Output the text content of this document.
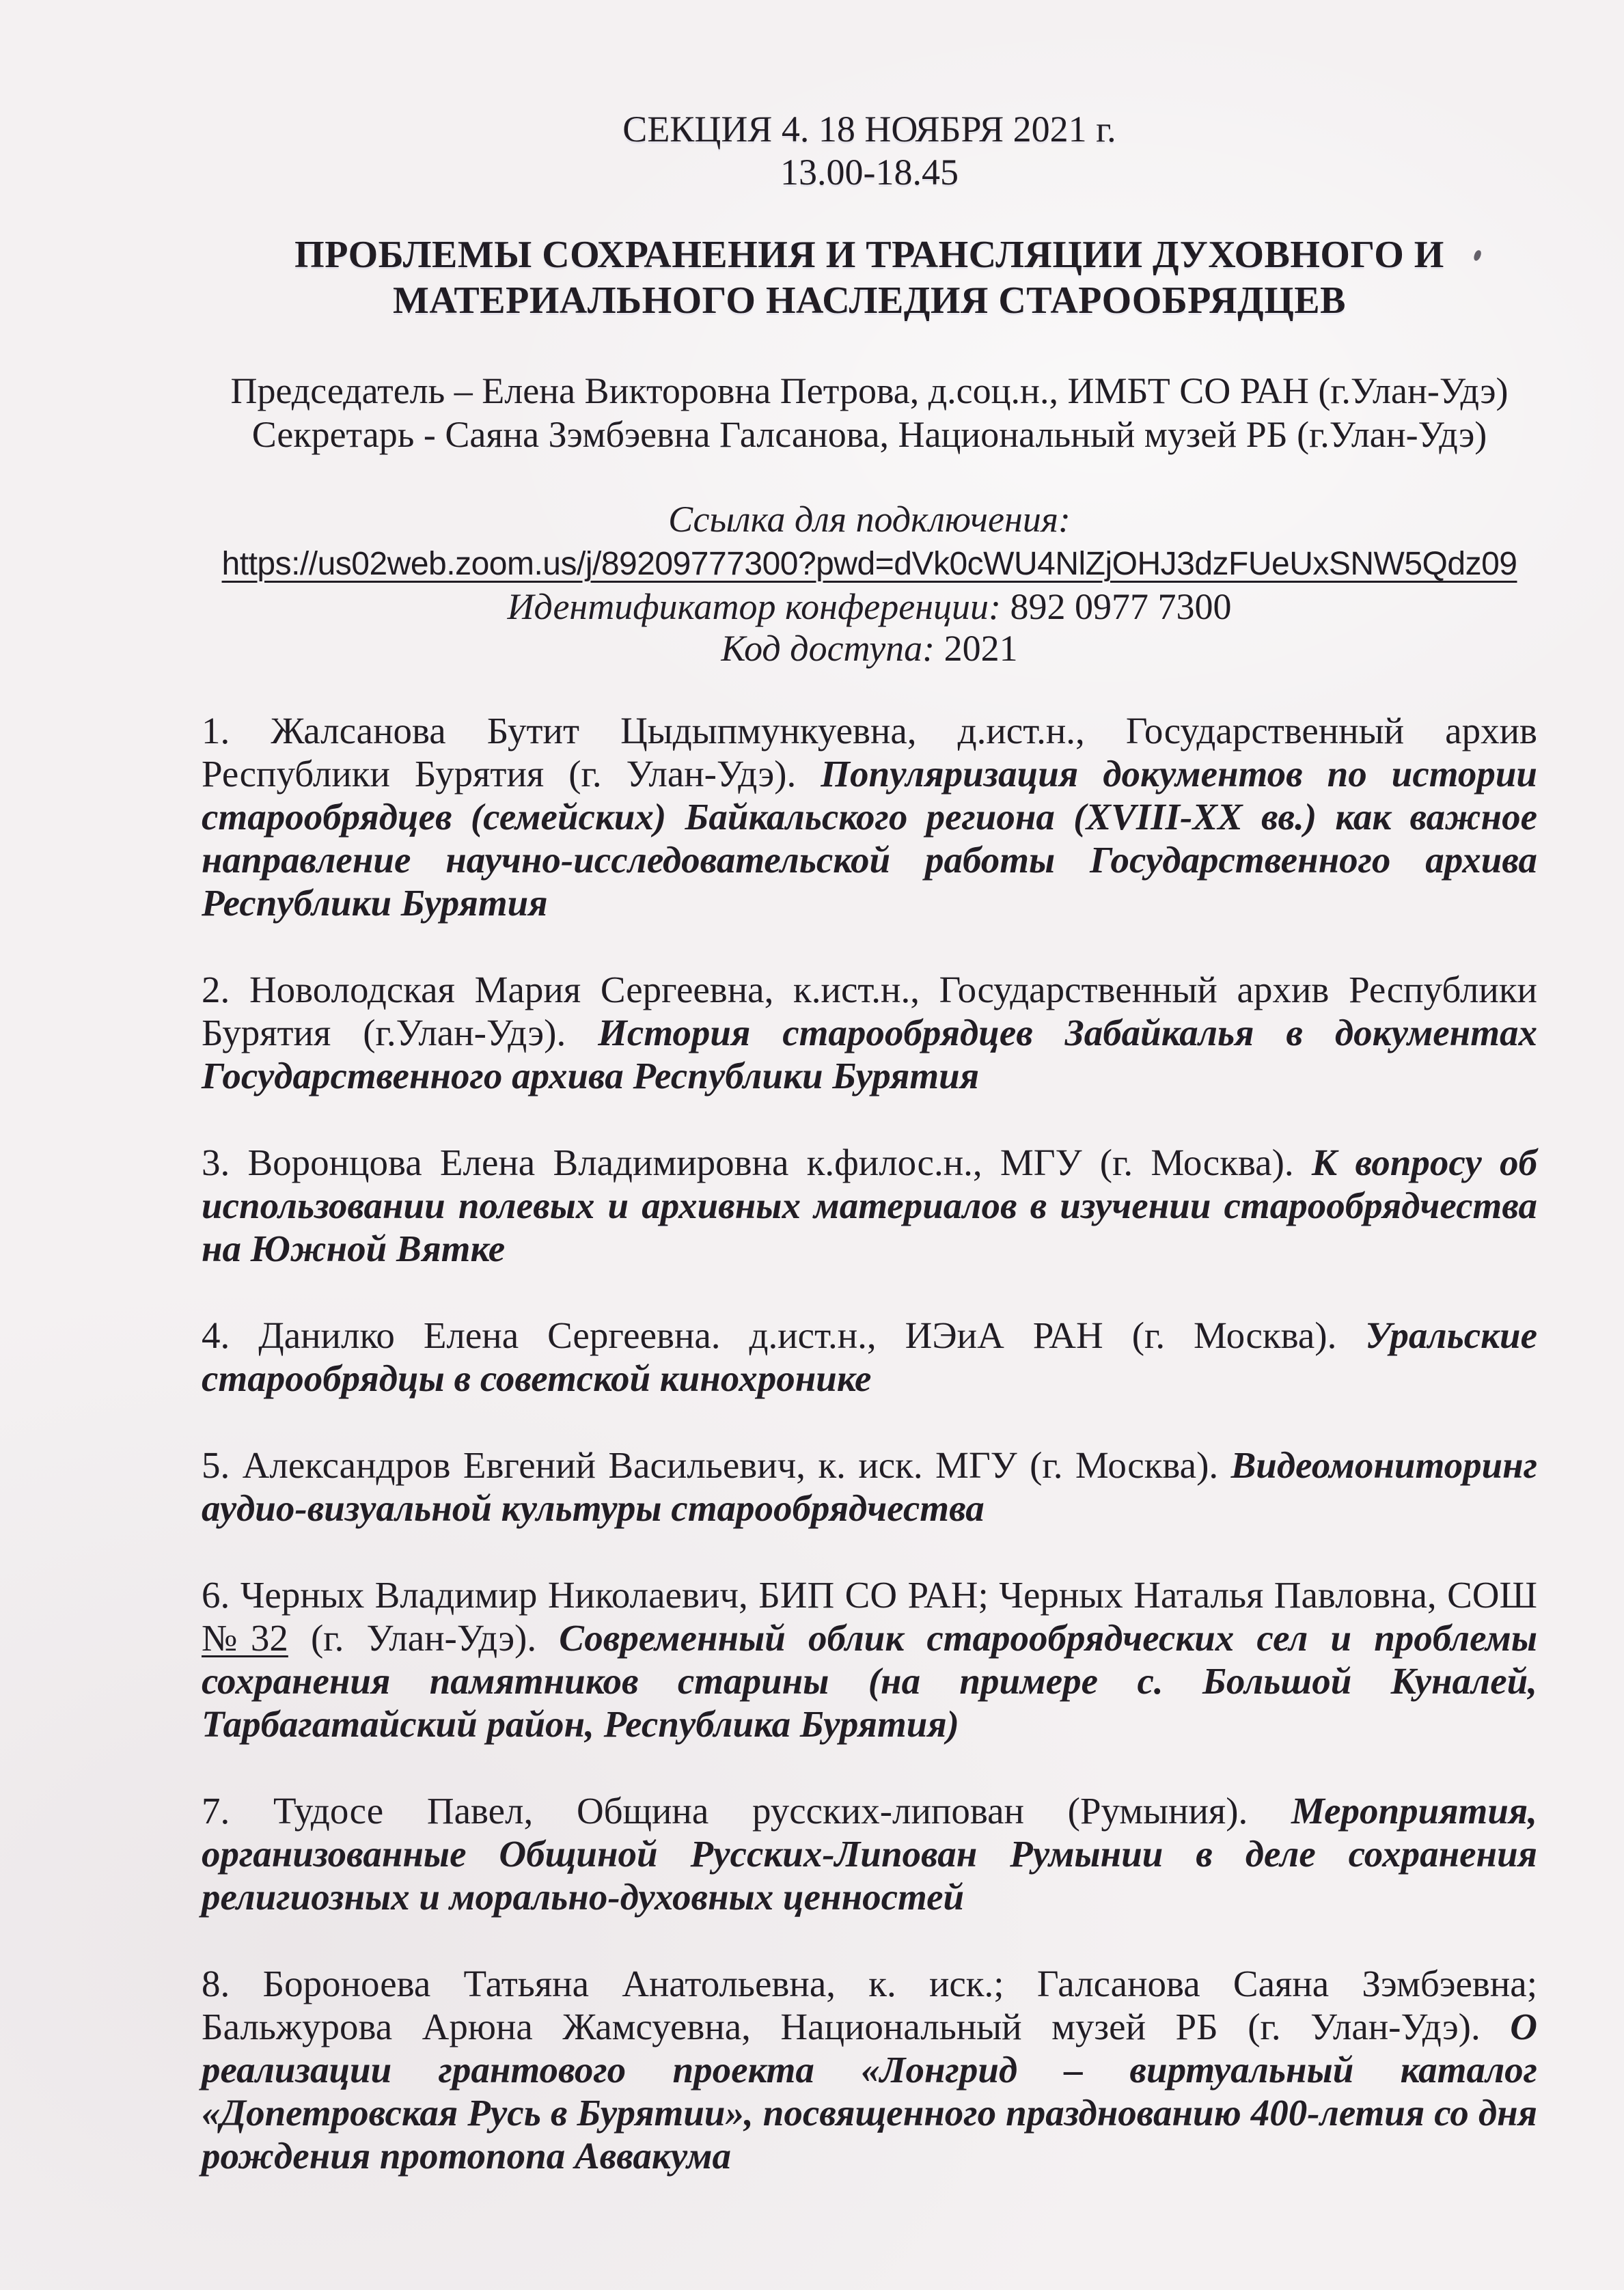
СЕКЦИЯ 4. 18 НОЯБРЯ 2021 г.
13.00-18.45
ПРОБЛЕМЫ СОХРАНЕНИЯ И ТРАНСЛЯЦИИ ДУХОВНОГО И
МАТЕРИАЛЬНОГО НАСЛЕДИЯ СТАРООБРЯДЦЕВ
Председатель – Елена Викторовна Петрова, д.соц.н., ИМБТ СО РАН (г.Улан-Удэ)
Секретарь - Саяна Зэмбэевна Галсанова, Национальный музей РБ (г.Улан-Удэ)
Ссылка для подключения:
https://us02web.zoom.us/j/89209777300?pwd=dVk0cWU4NlZjOHJ3dzFUeUxSNW5Qdz09
Идентификатор конференции: 892 0977 7300
Код доступа: 2021

1. Жалсанова Бутит Цыдыпмункуевна, д.ист.н., Государственный архив Республики Бурятия (г. Улан-Удэ). Популяризация документов по истории старообрядцев (семейских) Байкальского региона (XVIII-XX вв.) как важное направление научно-исследовательской работы Государственного архива Республики Бурятия

2. Новолодская Мария Сергеевна, к.ист.н., Государственный архив Республики Бурятия (г.Улан-Удэ). История старообрядцев Забайкалья в документах Государственного архива Республики Бурятия

3. Воронцова Елена Владимировна к.филос.н., МГУ (г. Москва). К вопросу об использовании полевых и архивных материалов в изучении старообрядчества на Южной Вятке

4. Данилко Елена Сергеевна. д.ист.н., ИЭиА РАН (г. Москва). Уральские старообрядцы в советской кинохронике

5. Александров Евгений Васильевич, к. иск. МГУ (г. Москва). Видеомониторинг аудио-визуальной культуры старообрядчества

6. Черных Владимир Николаевич, БИП СО РАН; Черных Наталья Павловна, СОШ №32 (г. Улан-Удэ). Современный облик старообрядческих сел и проблемы сохранения памятников старины (на примере с. Большой Куналей, Тарбагатайский район, Республика Бурятия)

7. Тудосе Павел, Община русских-липован (Румыния). Мероприятия, организованные Общиной Русских-Липован Румынии в деле сохранения религиозных и морально-духовных ценностей

8. Бороноева Татьяна Анатольевна, к. иск.; Галсанова Саяна Зэмбэевна; Бальжурова Арюна Жамсуевна, Национальный музей РБ (г. Улан-Удэ). О реализации грантового проекта «Лонгрид – виртуальный каталог «Допетровская Русь в Бурятии», посвященного празднованию 400-летия со дня рождения протопопа Аввакума
